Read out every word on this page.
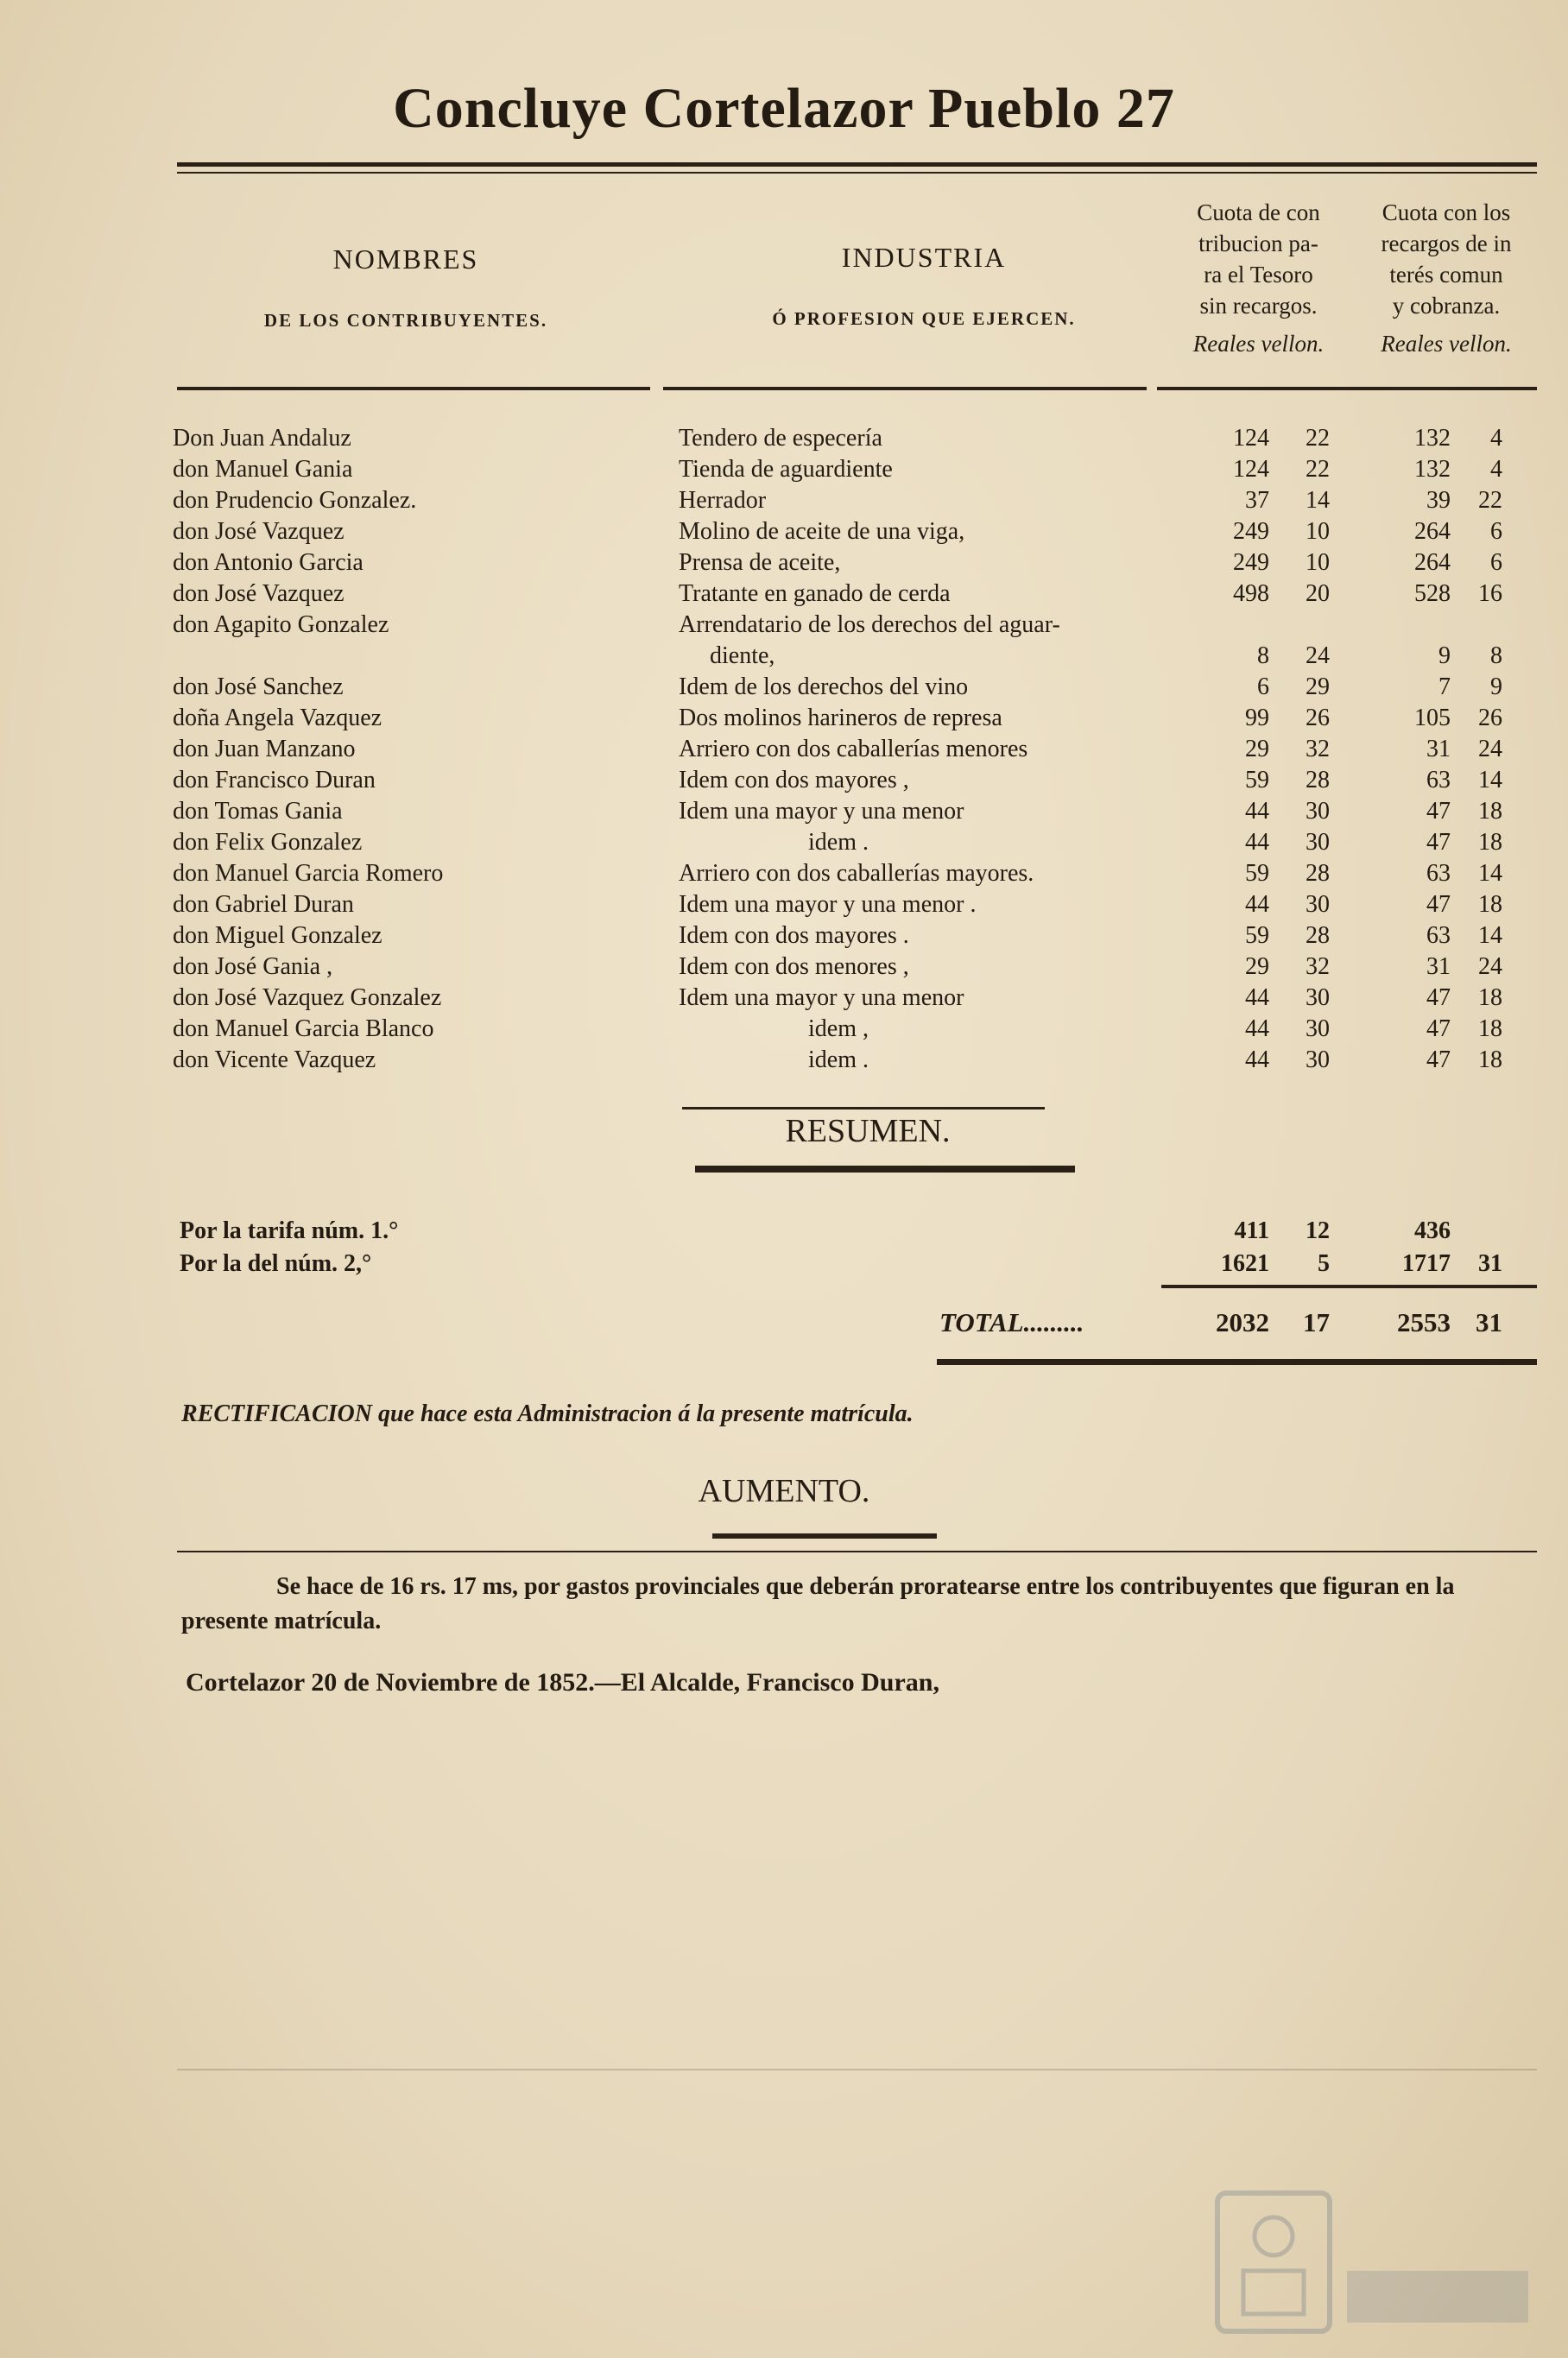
Concluye Cortelazor Pueblo 27
NOMBRES
DE LOS CONTRIBUYENTES.
INDUSTRIA
Ó PROFESION QUE EJERCEN.
Cuota de con
tribucion pa-
ra el Tesoro
sin recargos.
Reales vellon.
Cuota con los
recargos de in
terés comun
y cobranza.
Reales vellon.
Don Juan Andaluz	Tendero de especería	124	22	132	4
don Manuel Gania	Tienda de aguardiente	124	22	132	4
don Prudencio Gonzalez.	Herrador	37	14	39	22
don José Vazquez	Molino de aceite de una viga,	249	10	264	6
don Antonio Garcia	Prensa de aceite,	249	10	264	6
don José Vazquez	Tratante en ganado de cerda	498	20	528	16
don Agapito Gonzalez	Arrendatario de los derechos del aguar-
diente,	8	24	9	8
don José Sanchez	Idem de los derechos del vino	6	29	7	9
doña Angela Vazquez	Dos molinos harineros de represa	99	26	105	26
don Juan Manzano	Arriero con dos caballerías menores	29	32	31	24
don Francisco Duran	Idem con dos mayores ,	59	28	63	14
don Tomas Gania	Idem una mayor y una menor	44	30	47	18
don Felix Gonzalez	idem .	44	30	47	18
don Manuel Garcia Romero	Arriero con dos caballerías mayores.	59	28	63	14
don Gabriel Duran	Idem una mayor y una menor .	44	30	47	18
don Miguel Gonzalez	Idem con dos mayores .	59	28	63	14
don José Gania ,	Idem con dos menores ,	29	32	31	24
don José Vazquez Gonzalez	Idem una mayor y una menor	44	30	47	18
don Manuel Garcia Blanco	idem ,	44	30	47	18
don Vicente Vazquez	idem .	44	30	47	18
RESUMEN.
Por la tarifa núm. 1.°	411	12	436
Por la del núm. 2,°	1621	5	1717	31
TOTAL.........	2032	17	2553 31
RECTIFICACION que hace esta Administracion á la presente matrícula.
AUMENTO.
Se hace de 16 rs. 17 ms, por gastos provinciales que deberán proratearse entre los contribuyentes que figuran en la presente matrícula.
Cortelazor 20 de Noviembre de 1852.—El Alcalde, Francisco Duran,
